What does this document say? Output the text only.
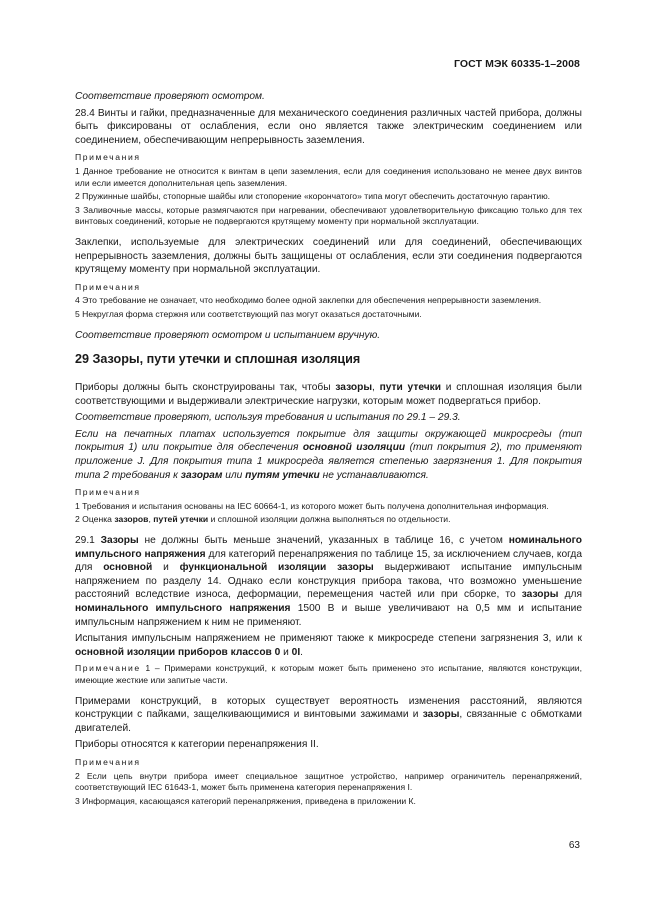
ГОСТ МЭК 60335-1–2008

Соответствие проверяют осмотром.

28.4 Винты и гайки, предназначенные для механического соединения различных частей прибора, должны быть фиксированы от ослабления, если оно является также электрическим соединением или соединением, обеспечивающим непрерывность заземления.

Примечания

1 Данное требование не относится к винтам в цепи заземления, если для соединения использовано не менее двух винтов или если имеется дополнительная цепь заземления.

2 Пружинные шайбы, стопорные шайбы или стопорение «корончатого» типа могут обеспечить достаточную гарантию.

3 Заливочные массы, которые размягчаются при нагревании, обеспечивают удовлетворительную фиксацию только для тех винтовых соединений, которые не подвергаются крутящему моменту при нормальной эксплуатации.

Заклепки, используемые для электрических соединений или для соединений, обеспечивающих непрерывность заземления, должны быть защищены от ослабления, если эти соединения подвергаются крутящему моменту при нормальной эксплуатации.

Примечания

4 Это требование не означает, что необходимо более одной заклепки для обеспечения непрерывности заземления.

5 Некруглая форма стержня или соответствующий паз могут оказаться достаточными.

Соответствие проверяют осмотром и испытанием вручную.

29 Зазоры, пути утечки и сплошная изоляция

Приборы должны быть сконструированы так, чтобы зазоры, пути утечки и сплошная изоляция были соответствующими и выдерживали электрические нагрузки, которым может подвергаться прибор.

Соответствие проверяют, используя требования и испытания по 29.1 – 29.3.

Если на печатных платах используется покрытие для защиты окружающей микросреды (тип покрытия 1) или покрытие для обеспечения основной изоляции (тип покрытия 2), то применяют приложение J. Для покрытия типа 1 микросреда является степенью загрязнения 1. Для покрытия типа 2 требования к зазорам или путям утечки не устанавливаются.

Примечания

1 Требования и испытания основаны на IEC 60664-1, из которого может быть получена дополнительная информация.

2 Оценка зазоров, путей утечки и сплошной изоляции должна выполняться по отдельности.

29.1 Зазоры не должны быть меньше значений, указанных в таблице 16, с учетом номинального импульсного напряжения для категорий перенапряжения по таблице 15, за исключением случаев, когда для основной и функциональной изоляции зазоры выдерживают испытание импульсным напряжением по разделу 14. Однако если конструкция прибора такова, что возможно уменьшение расстояний вследствие износа, деформации, перемещения частей или при сборке, то зазоры для номинального импульсного напряжения 1500 В и выше увеличивают на 0,5 мм и испытание импульсным напряжением к ним не применяют.

Испытания импульсным напряжением не применяют также к микросреде степени загрязнения 3, или к основной изоляции приборов классов 0 и 0I.

Примечание 1 – Примерами конструкций, к которым может быть применено это испытание, являются конструкции, имеющие жесткие или запитые части.

Примерами конструкций, в которых существует вероятность изменения расстояний, являются конструкции с пайками, защелкивающимися и винтовыми зажимами и зазоры, связанные с обмотками двигателей.

Приборы относятся к категории перенапряжения II.

Примечания

2 Если цепь внутри прибора имеет специальное защитное устройство, например ограничитель перенапряжений, соответствующий IEC 61643-1, может быть применена категория перенапряжения I.

3 Информация, касающаяся категорий перенапряжения, приведена в приложении К.

63
